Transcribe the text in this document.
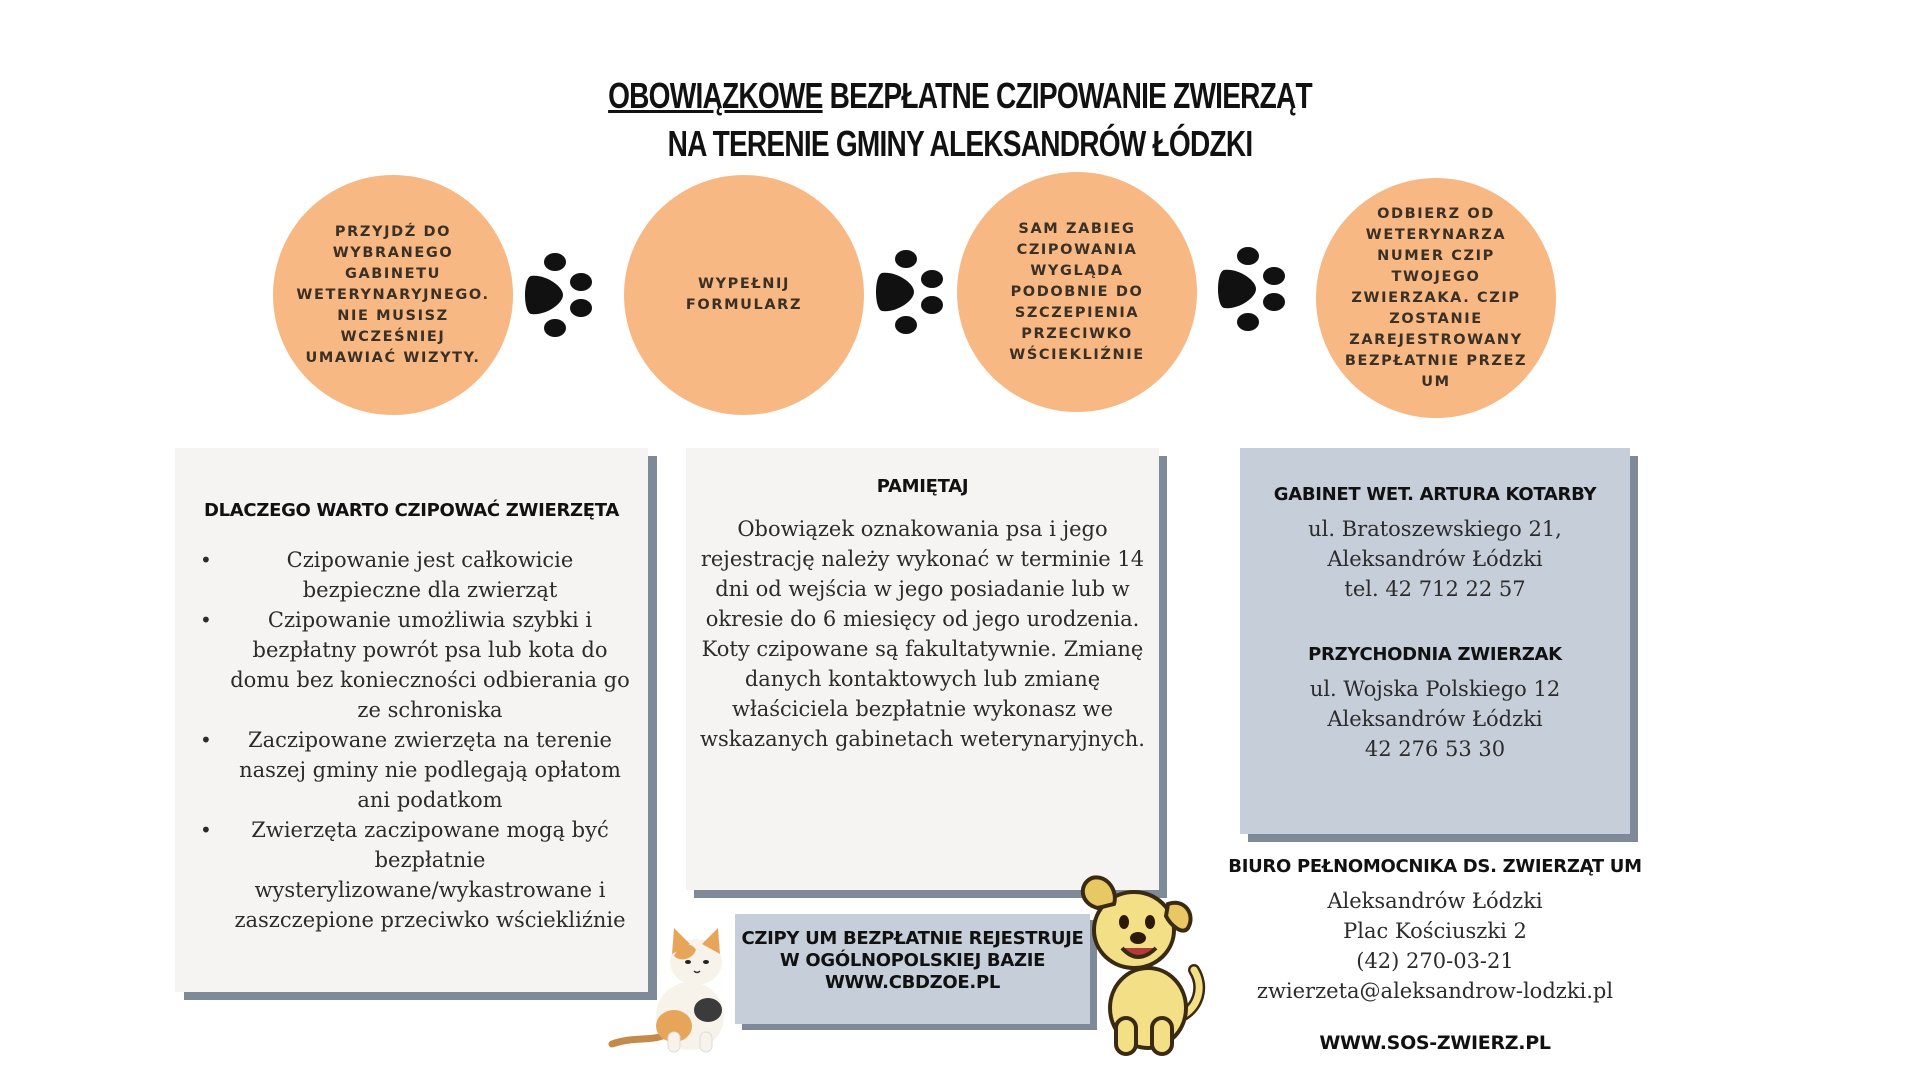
OBOWIĄZKOWE BEZPŁATNE CZIPOWANIE ZWIERZĄT
NA TERENIE GMINY ALEKSANDRÓW ŁÓDZKI
PRZYJDŹ DO WYBRANEGO GABINETU WETERYNARYJNEGO. NIE MUSISZ WCZEŚNIEJ UMAWIAĆ WIZYTY.
WYPEŁNIJ FORMULARZ
SAM ZABIEG CZIPOWANIA WYGLĄDA PODOBNIE DO SZCZEPIENIA PRZECIWKO WŚCIEKLIŹNIE
ODBIERZ OD WETERYNARZA NUMER CZIP TWOJEGO ZWIERZAKA. CZIP ZOSTANIE ZAREJESTROWANY BEZPŁATNIE PRZEZ UM
DLACZEGO WARTO CZIPOWAĆ ZWIERZĘTA
• Czipowanie jest całkowicie bezpieczne dla zwierząt
• Czipowanie umożliwia szybki i bezpłatny powrót psa lub kota do domu bez konieczności odbierania go ze schroniska
• Zaczipowane zwierzęta na terenie naszej gminy nie podlegają opłatom ani podatkom
• Zwierzęta zaczipowane mogą być bezpłatnie wysterylizowane/wykastrowane i zaszczepione przeciwko wściekliźnie
PAMIĘTAJ
Obowiązek oznakowania psa i jego rejestrację należy wykonać w terminie 14 dni od wejścia w jego posiadanie lub w okresie do 6 miesięcy od jego urodzenia. Koty czipowane są fakultatywnie. Zmianę danych kontaktowych lub zmianę właściciela bezpłatnie wykonasz we wskazanych gabinetach weterynaryjnych.
GABINET WET. ARTURA KOTARBY
ul. Bratoszewskiego 21,
Aleksandrów Łódzki
tel. 42 712 22 57
PRZYCHODNIA ZWIERZAK
ul. Wojska Polskiego 12
Aleksandrów Łódzki
42 276 53 30
CZIPY UM BEZPŁATNIE REJESTRUJE
W OGÓLNOPOLSKIEJ BAZIE
WWW.CBDZOE.PL
BIURO PEŁNOMOCNIKA DS. ZWIERZĄT UM
Aleksandrów Łódzki
Plac Kościuszki 2
(42) 270-03-21
zwierzeta@aleksandrow-lodzki.pl
WWW.SOS-ZWIERZ.PL
